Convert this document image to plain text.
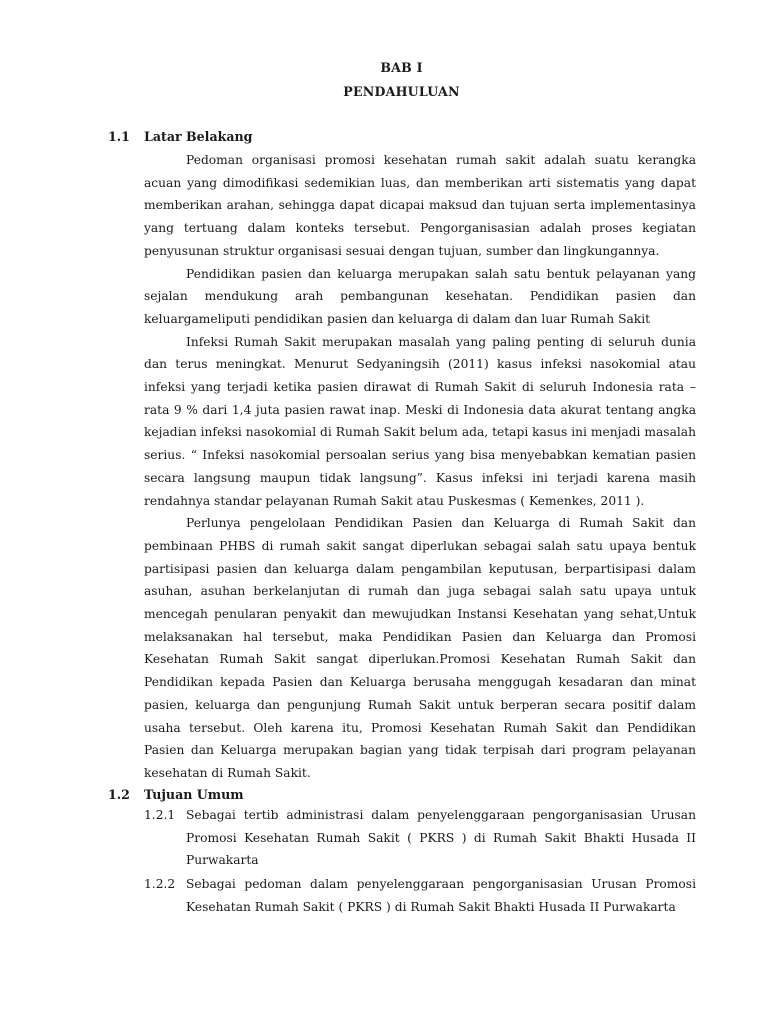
BAB I
PENDAHULUAN
1.1 Latar Belakang

Pedoman organisasi promosi kesehatan rumah sakit adalah suatu kerangka acuan yang dimodifikasi sedemikian luas, dan memberikan arti sistematis yang dapat memberikan arahan, sehingga dapat dicapai maksud dan tujuan serta implementasinya yang tertuang dalam konteks tersebut. Pengorganisasian adalah proses kegiatan penyusunan struktur organisasi sesuai dengan tujuan, sumber dan lingkungannya.

Pendidikan pasien dan keluarga merupakan salah satu bentuk pelayanan yang sejalan mendukung arah pembangunan kesehatan. Pendidikan pasien dan keluargameliputi pendidikan pasien dan keluarga di dalam dan luar Rumah Sakit

Infeksi Rumah Sakit merupakan masalah yang paling penting di seluruh dunia dan terus meningkat. Menurut Sedyaningsih (2011) kasus infeksi nasokomial atau infeksi yang terjadi ketika pasien dirawat di Rumah Sakit di seluruh Indonesia rata –rata 9 % dari 1,4 juta pasien rawat inap. Meski di Indonesia data akurat tentang angka kejadian infeksi nasokomial di Rumah Sakit belum ada, tetapi kasus ini menjadi masalah serius. “ Infeksi nasokomial persoalan serius yang bisa menyebabkan kematian pasien secara langsung maupun tidak langsung”. Kasus infeksi ini terjadi karena masih rendahnya standar pelayanan Rumah Sakit atau Puskesmas ( Kemenkes, 2011 ).

Perlunya pengelolaan Pendidikan Pasien dan Keluarga di Rumah Sakit dan pembinaan PHBS di rumah sakit sangat diperlukan sebagai salah satu upaya bentuk partisipasi pasien dan keluarga dalam pengambilan keputusan, berpartisipasi dalam asuhan, asuhan berkelanjutan di rumah dan juga sebagai salah satu upaya untuk mencegah penularan penyakit dan mewujudkan Instansi Kesehatan yang sehat,Untuk melaksanakan hal tersebut, maka Pendidikan Pasien dan Keluarga dan Promosi Kesehatan Rumah Sakit sangat diperlukan.Promosi Kesehatan Rumah Sakit dan Pendidikan kepada Pasien dan Keluarga berusaha menggugah kesadaran dan minat pasien, keluarga dan pengunjung Rumah Sakit untuk berperan secara positif dalam usaha tersebut. Oleh karena itu, Promosi Kesehatan Rumah Sakit dan Pendidikan Pasien dan Keluarga merupakan bagian yang tidak terpisah dari program pelayanan kesehatan di Rumah Sakit.

1.2 Tujuan Umum
1.2.1 Sebagai tertib administrasi dalam penyelenggaraan pengorganisasian Urusan Promosi Kesehatan Rumah Sakit ( PKRS ) di Rumah Sakit Bhakti Husada II Purwakarta
1.2.2 Sebagai pedoman dalam penyelenggaraan pengorganisasian Urusan Promosi Kesehatan Rumah Sakit ( PKRS ) di Rumah Sakit Bhakti Husada II Purwakarta
